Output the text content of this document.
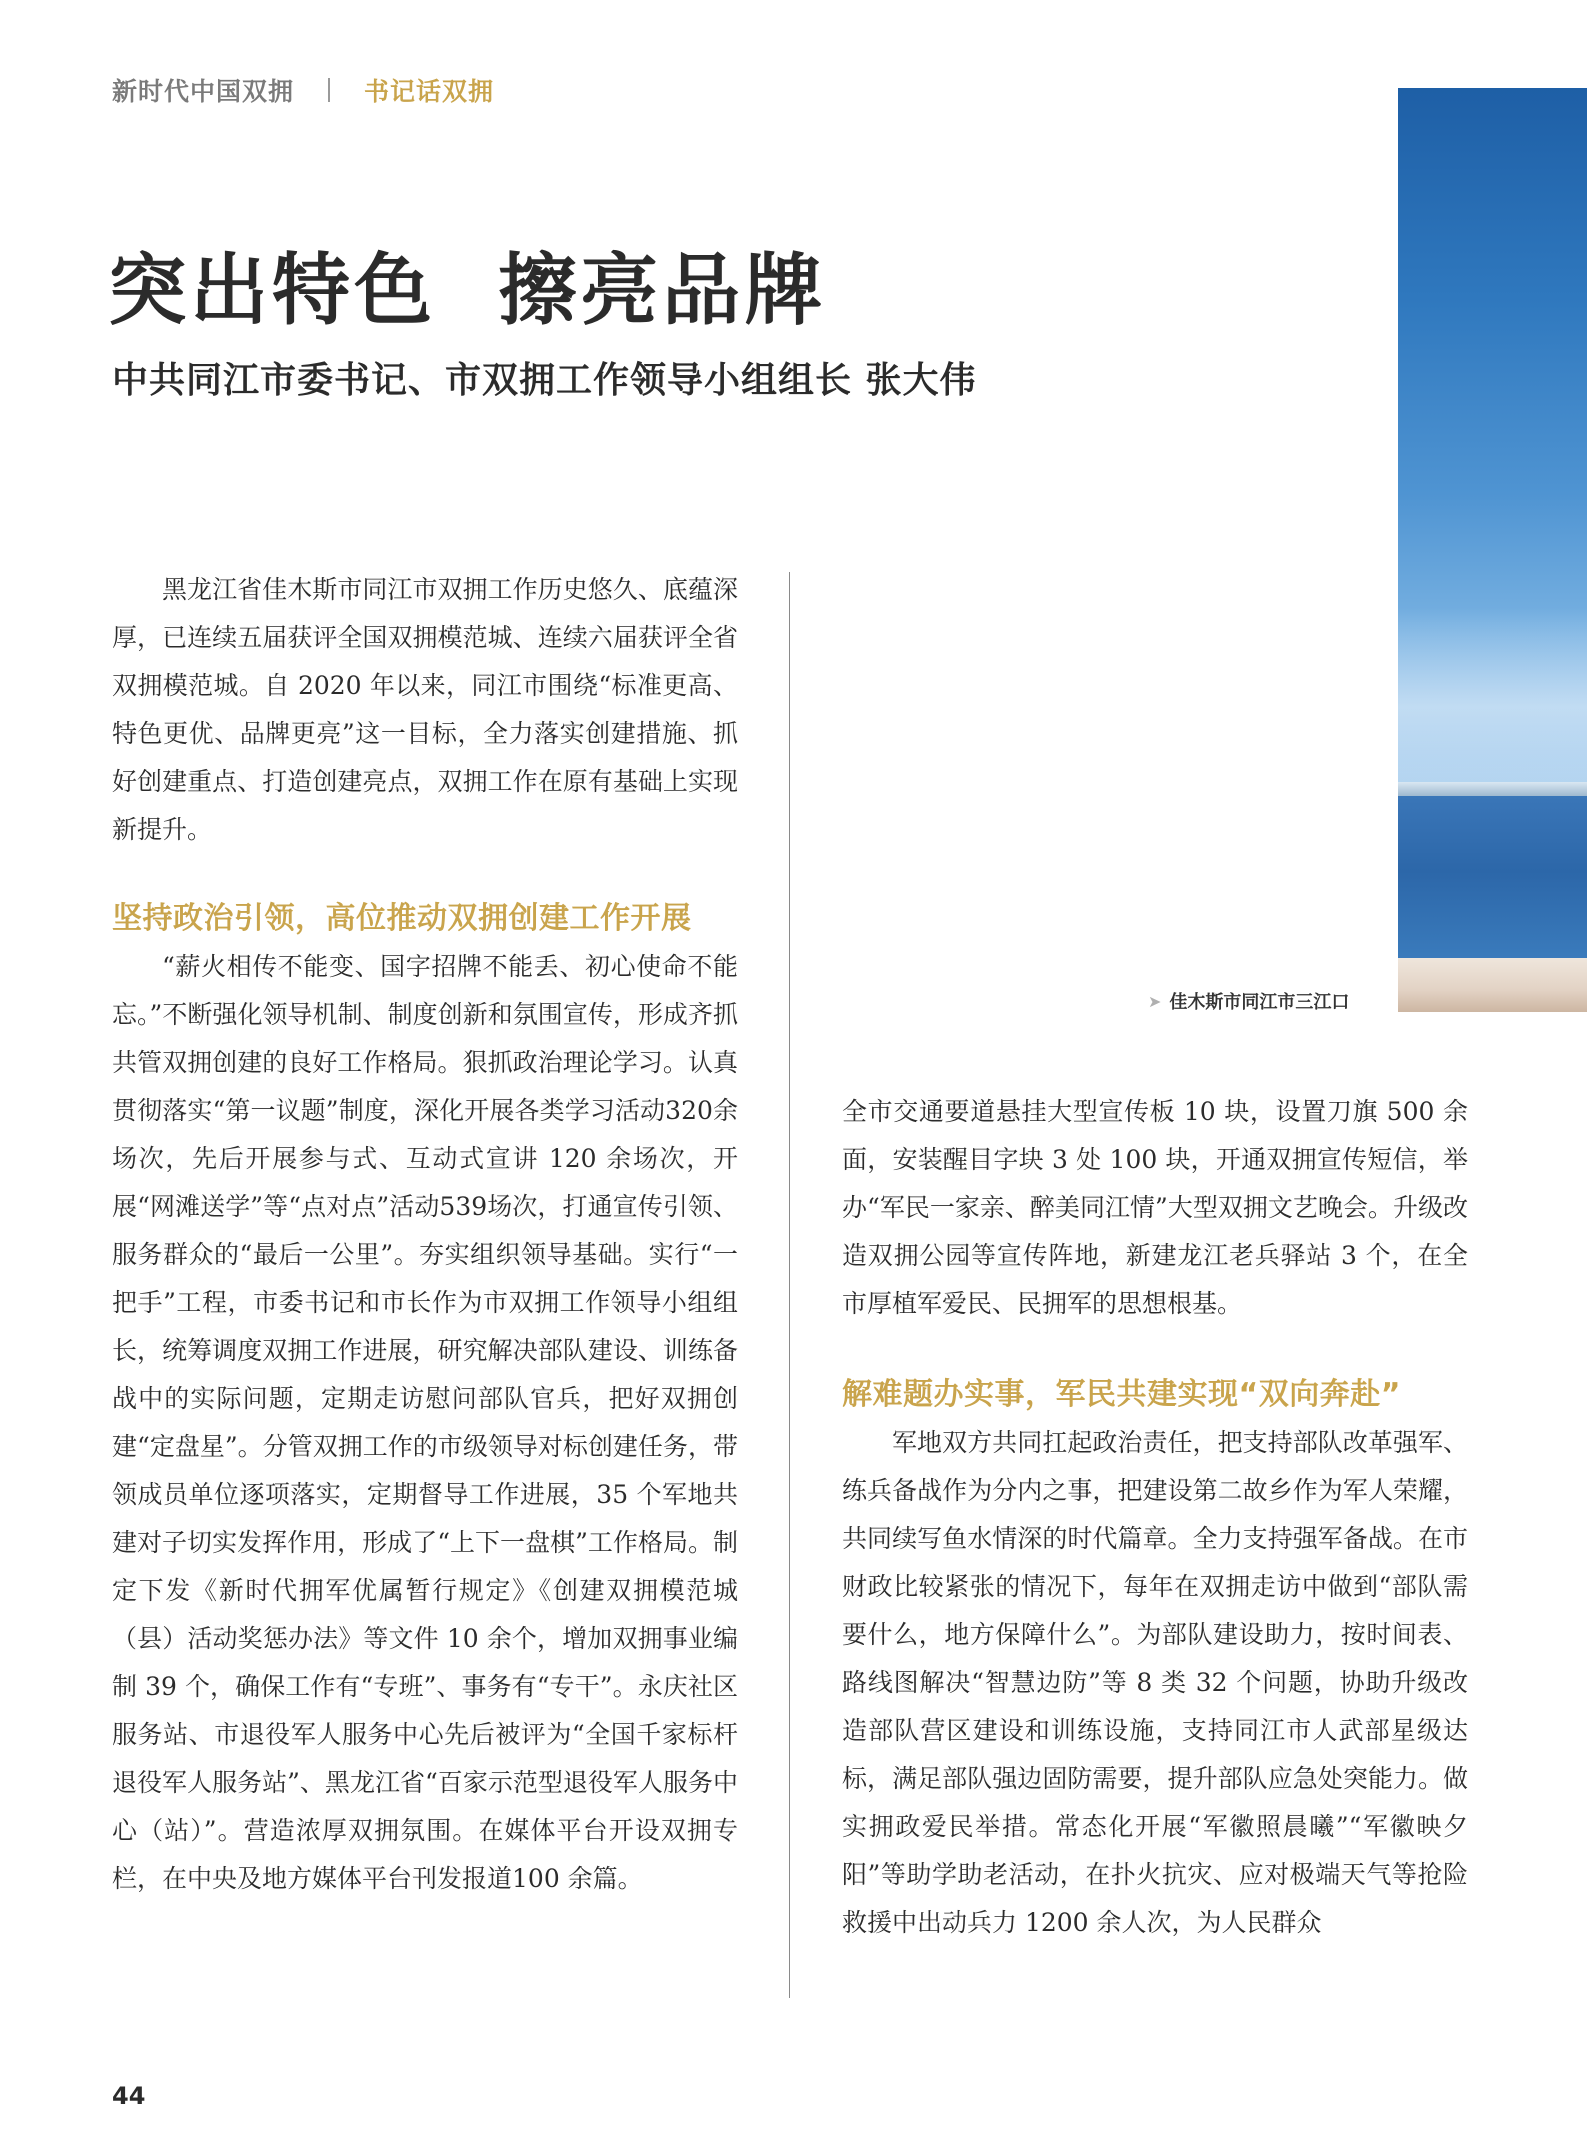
新时代中国双拥	书记话双拥
突出特色  擦亮品牌
中共同江市委书记、市双拥工作领导小组组长 张大伟
➤ 佳木斯市同江市三江口

黑龙江省佳木斯市同江市双拥工作历史悠久、底蕴深厚，已连续五届获评全国双拥模范城、连续六届获评全省双拥模范城。自 2020 年以来，同江市围绕“标准更高、特色更优、品牌更亮”这一目标，全力落实创建措施、抓好创建重点、打造创建亮点，双拥工作在原有基础上实现新提升。

坚持政治引领，高位推动双拥创建工作开展

“薪火相传不能变、国字招牌不能丢、初心使命不能忘。”不断强化领导机制、制度创新和氛围宣传，形成齐抓共管双拥创建的良好工作格局。狠抓政治理论学习。认真贯彻落实“第一议题”制度，深化开展各类学习活动320余场次，先后开展参与式、互动式宣讲 120 余场次，开展“网滩送学”等“点对点”活动539场次，打通宣传引领、服务群众的“最后一公里”。夯实组织领导基础。实行“一把手”工程，市委书记和市长作为市双拥工作领导小组组长，统筹调度双拥工作进展，研究解决部队建设、训练备战中的实际问题，定期走访慰问部队官兵，把好双拥创建“定盘星”。分管双拥工作的市级领导对标创建任务，带领成员单位逐项落实，定期督导工作进展，35 个军地共建对子切实发挥作用，形成了“上下一盘棋”工作格局。制定下发《新时代拥军优属暂行规定》《创建双拥模范城（县）活动奖惩办法》等文件 10 余个，增加双拥事业编制 39 个，确保工作有“专班”、事务有“专干”。永庆社区服务站、市退役军人服务中心先后被评为“全国千家标杆退役军人服务站”、黑龙江省“百家示范型退役军人服务中心（站）”。营造浓厚双拥氛围。在媒体平台开设双拥专栏，在中央及地方媒体平台刊发报道100 余篇。

全市交通要道悬挂大型宣传板 10 块，设置刀旗 500 余面，安装醒目字块 3 处 100 块，开通双拥宣传短信，举办“军民一家亲、醉美同江情”大型双拥文艺晚会。升级改造双拥公园等宣传阵地，新建龙江老兵驿站 3 个，在全市厚植军爱民、民拥军的思想根基。

解难题办实事，军民共建实现“双向奔赴”

军地双方共同扛起政治责任，把支持部队改革强军、练兵备战作为分内之事，把建设第二故乡作为军人荣耀，共同续写鱼水情深的时代篇章。全力支持强军备战。在市财政比较紧张的情况下，每年在双拥走访中做到“部队需要什么，地方保障什么”。为部队建设助力，按时间表、路线图解决“智慧边防”等 8 类 32 个问题，协助升级改造部队营区建设和训练设施，支持同江市人武部星级达标，满足部队强边固防需要，提升部队应急处突能力。做实拥政爱民举措。常态化开展“军徽照晨曦”“军徽映夕阳”等助学助老活动，在扑火抗灾、应对极端天气等抢险救援中出动兵力 1200 余人次，为人民群众

44
